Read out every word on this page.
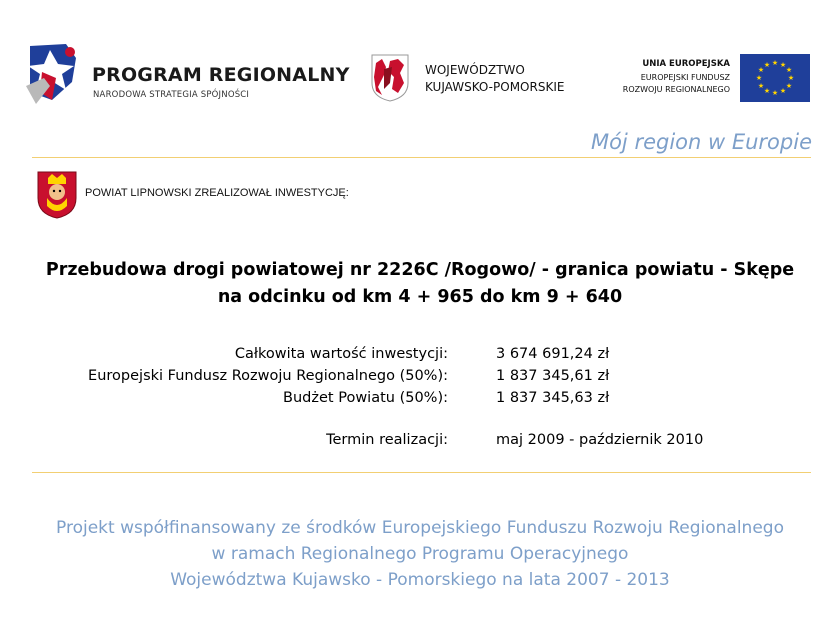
PROGRAM REGIONALNY
NARODOWA STRATEGIA SPÓJNOŚCI
WOJEWÓDZTWO
KUJAWSKO-POMORSKIE
UNIA EUROPEJSKA
EUROPEJSKI FUNDUSZ
ROZWOJU REGIONALNEGO
★ ★
★
★
★
★
★
★
★
★
★
★
Mój region w Europie
POWIAT LIPNOWSKI ZREALIZOWAŁ INWESTYCJĘ:
Przebudowa drogi powiatowej nr 2226C /Rogowo/ - granica powiatu - Skępe
na odcinku od km 4 + 965 do km 9 + 640
Całkowita wartość inwestycji:	3 674 691,24 zł
Europejski Fundusz Rozwoju Regionalnego (50%):	1 837 345,61 zł
Budżet Powiatu (50%):	1 837 345,63 zł
Termin realizacji:	maj 2009 - październik 2010
Projekt współfinansowany ze środków Europejskiego Funduszu Rozwoju Regionalnego
w ramach Regionalnego Programu Operacyjnego
Województwa Kujawsko - Pomorskiego na lata 2007 - 2013
